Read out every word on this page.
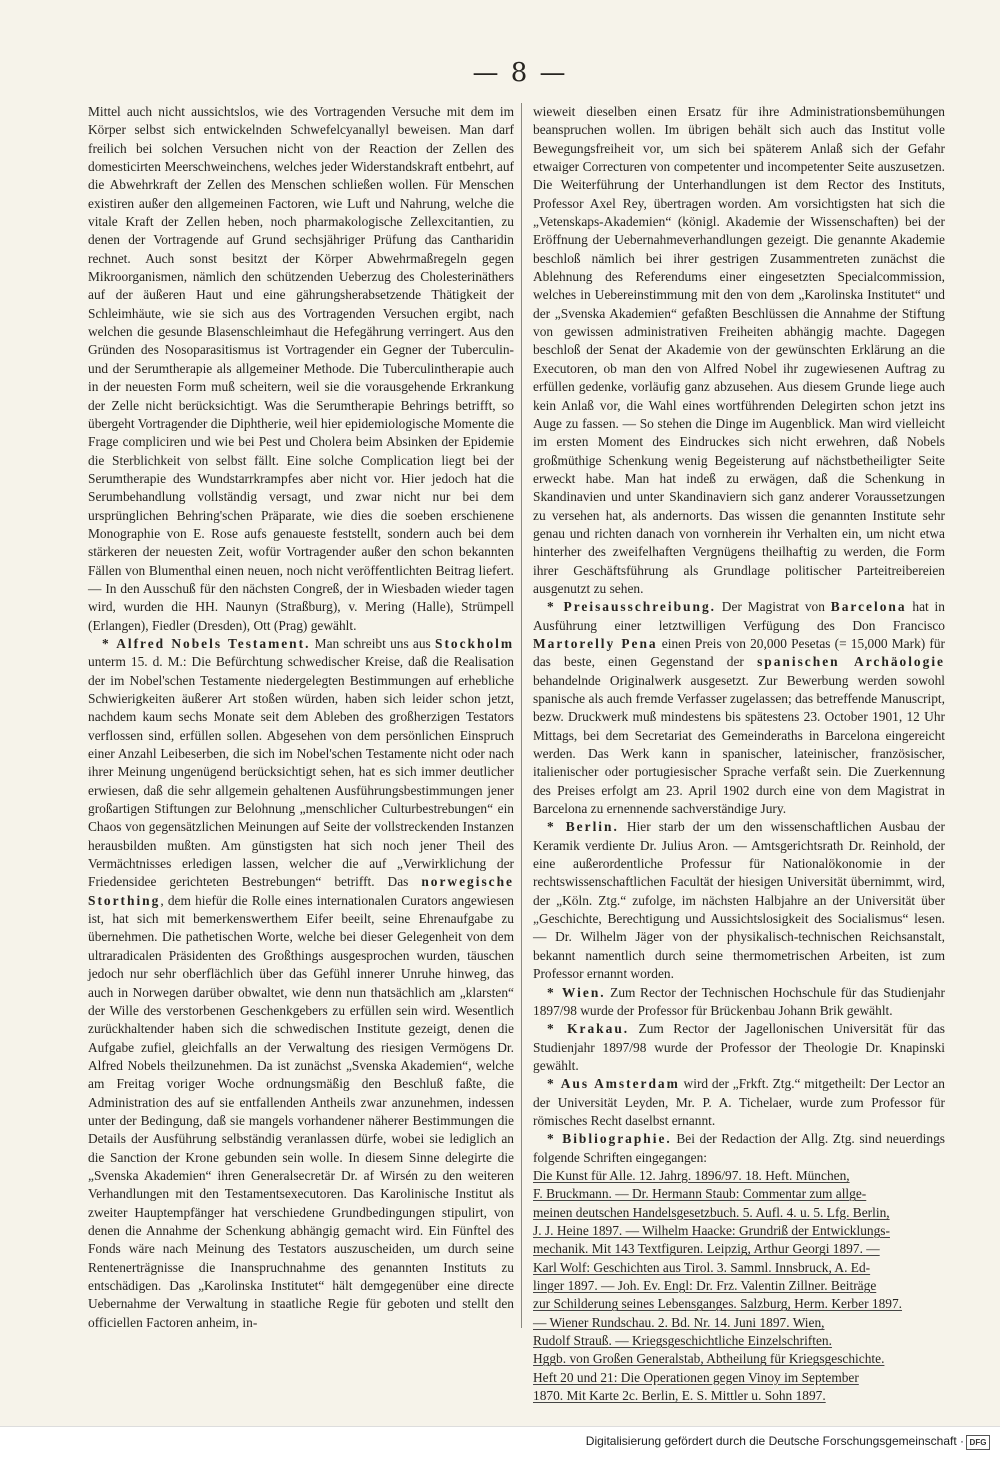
— 8 —

Mittel auch nicht aussichtslos, wie des Vortragenden Versuche mit dem im Körper selbst sich entwickelnden Schwefelcyanallyl beweisen. Man darf freilich bei solchen Versuchen nicht von der Reaction der Zellen des domesticirten Meerschweinchens, welches jeder Widerstandskraft entbehrt, auf die Abwehrkraft der Zellen des Menschen schließen wollen. Für Menschen existiren außer den allgemeinen Factoren, wie Luft und Nahrung, welche die vitale Kraft der Zellen heben, noch pharmakologische Zellexcitantien, zu denen der Vortragende auf Grund sechsjähriger Prüfung das Cantharidin rechnet. Auch sonst besitzt der Körper Abwehrmaßregeln gegen Mikroorganismen, nämlich den schützenden Ueberzug des Cholesterinäthers auf der äußeren Haut und eine gährungsherabsetzende Thätigkeit der Schleimhäute, wie sie sich aus des Vortragenden Versuchen ergibt, nach welchen die gesunde Blasenschleimhaut die Hefegährung verringert. Aus den Gründen des Nosoparasitismus ist Vortragender ein Gegner der Tuberculin- und der Serumtherapie als allgemeiner Methode. Die Tuberculintherapie auch in der neuesten Form muß scheitern, weil sie die vorausgehende Erkrankung der Zelle nicht berücksichtigt. Was die Serumtherapie Behrings betrifft, so übergeht Vortragender die Diphtherie, weil hier epidemiologische Momente die Frage compliciren und wie bei Pest und Cholera beim Absinken der Epidemie die Sterblichkeit von selbst fällt. Eine solche Complication liegt bei der Serumtherapie des Wundstarrkrampfes aber nicht vor. Hier jedoch hat die Serumbehandlung vollständig versagt, und zwar nicht nur bei dem ursprünglichen Behring'schen Präparate, wie dies die soeben erschienene Monographie von E. Rose aufs genaueste feststellt, sondern auch bei dem stärkeren der neuesten Zeit, wofür Vortragender außer den schon bekannten Fällen von Blumenthal einen neuen, noch nicht veröffentlichten Beitrag liefert. — In den Ausschuß für den nächsten Congreß, der in Wiesbaden wieder tagen wird, wurden die HH. Naunyn (Straßburg), v. Mering (Halle), Strümpell (Erlangen), Fiedler (Dresden), Ott (Prag) gewählt.

* Alfred Nobels Testament. Man schreibt uns aus Stockholm unterm 15. d. M.: Die Befürchtung schwedischer Kreise, daß die Realisation der im Nobel'schen Testamente niedergelegten Bestimmungen auf erhebliche Schwierigkeiten äußerer Art stoßen würden, haben sich leider schon jetzt, nachdem kaum sechs Monate seit dem Ableben des großherzigen Testators verflossen sind, erfüllen sollen. Abgesehen von dem persönlichen Einspruch einer Anzahl Leibeserben, die sich im Nobel'schen Testamente nicht oder nach ihrer Meinung ungenügend berücksichtigt sehen, hat es sich immer deutlicher erwiesen, daß die sehr allgemein gehaltenen Ausführungsbestimmungen jener großartigen Stiftungen zur Belohnung „menschlicher Culturbestrebungen“ ein Chaos von gegensätzlichen Meinungen auf Seite der vollstreckenden Instanzen herausbilden mußten. Am günstigsten hat sich noch jener Theil des Vermächtnisses erledigen lassen, welcher die auf „Verwirklichung der Friedensidee gerichteten Bestrebungen“ betrifft. Das norwegische Storthing, dem hiefür die Rolle eines internationalen Curators angewiesen ist, hat sich mit bemerkenswerthem Eifer beeilt, seine Ehrenaufgabe zu übernehmen. Die pathetischen Worte, welche bei dieser Gelegenheit von dem ultraradicalen Präsidenten des Großthings ausgesprochen wurden, täuschen jedoch nur sehr oberflächlich über das Gefühl innerer Unruhe hinweg, das auch in Norwegen darüber obwaltet, wie denn nun thatsächlich am „klarsten“ der Wille des verstorbenen Geschenkgebers zu erfüllen sein wird. Wesentlich zurückhaltender haben sich die schwedischen Institute gezeigt, denen die Aufgabe zufiel, gleichfalls an der Verwaltung des riesigen Vermögens Dr. Alfred Nobels theilzunehmen. Da ist zunächst „Svenska Akademien“, welche am Freitag voriger Woche ordnungsmäßig den Beschluß faßte, die Administration des auf sie entfallenden Antheils zwar anzunehmen, indessen unter der Bedingung, daß sie mangels vorhandener näherer Bestimmungen die Details der Ausführung selbständig veranlassen dürfe, wobei sie lediglich an die Sanction der Krone gebunden sein wolle. In diesem Sinne delegirte die „Svenska Akademien“ ihren Generalsecretär Dr. af Wirsén zu den weiteren Verhandlungen mit den Testamentsexecutoren. Das Karolinische Institut als zweiter Hauptempfänger hat verschiedene Grundbedingungen stipulirt, von denen die Annahme der Schenkung abhängig gemacht wird. Ein Fünftel des Fonds wäre nach Meinung des Testators auszuscheiden, um durch seine Rentenerträgnisse die Inanspruchnahme des genannten Instituts zu entschädigen. Das „Karolinska Institutet“ hält demgegenüber eine directe Uebernahme der Verwaltung in staatliche Regie für geboten und stellt den officiellen Factoren anheim, in-

wieweit dieselben einen Ersatz für ihre Administrationsbemühungen beanspruchen wollen. Im übrigen behält sich auch das Institut volle Bewegungsfreiheit vor, um sich bei späterem Anlaß sich der Gefahr etwaiger Correcturen von competenter und incompetenter Seite auszusetzen. Die Weiterführung der Unterhandlungen ist dem Rector des Instituts, Professor Axel Rey, übertragen worden. Am vorsichtigsten hat sich die „Vetenskaps-Akademien“ (königl. Akademie der Wissenschaften) bei der Eröffnung der Uebernahmeverhandlungen gezeigt. Die genannte Akademie beschloß nämlich bei ihrer gestrigen Zusammentreten zunächst die Ablehnung des Referendums einer eingesetzten Specialcommission, welches in Uebereinstimmung mit den von dem „Karolinska Institutet“ und der „Svenska Akademien“ gefaßten Beschlüssen die Annahme der Stiftung von gewissen administrativen Freiheiten abhängig machte. Dagegen beschloß der Senat der Akademie von der gewünschten Erklärung an die Executoren, ob man den von Alfred Nobel ihr zugewiesenen Auftrag zu erfüllen gedenke, vorläufig ganz abzusehen. Aus diesem Grunde liege auch kein Anlaß vor, die Wahl eines wortführenden Delegirten schon jetzt ins Auge zu fassen. — So stehen die Dinge im Augenblick. Man wird vielleicht im ersten Moment des Eindruckes sich nicht erwehren, daß Nobels großmüthige Schenkung wenig Begeisterung auf nächstbetheiligter Seite erweckt habe. Man hat indeß zu erwägen, daß die Schenkung in Skandinavien und unter Skandinaviern sich ganz anderer Voraussetzungen zu versehen hat, als andernorts. Das wissen die genannten Institute sehr genau und richten danach von vornherein ihr Verhalten ein, um nicht etwa hinterher des zweifelhaften Vergnügens theilhaftig zu werden, die Form ihrer Geschäftsführung als Grundlage politischer Parteitreibereien ausgenutzt zu sehen.

* Preisausschreibung. Der Magistrat von Barcelona hat in Ausführung einer letztwilligen Verfügung des Don Francisco Martorelly Pena einen Preis von 20,000 Pesetas (= 15,000 Mark) für das beste, einen Gegenstand der spanischen Archäologie behandelnde Originalwerk ausgesetzt. Zur Bewerbung werden sowohl spanische als auch fremde Verfasser zugelassen; das betreffende Manuscript, bezw. Druckwerk muß mindestens bis spätestens 23. October 1901, 12 Uhr Mittags, bei dem Secretariat des Gemeinderaths in Barcelona eingereicht werden. Das Werk kann in spanischer, lateinischer, französischer, italienischer oder portugiesischer Sprache verfaßt sein. Die Zuerkennung des Preises erfolgt am 23. April 1902 durch eine von dem Magistrat in Barcelona zu ernennende sachverständige Jury.

* Berlin. Hier starb der um den wissenschaftlichen Ausbau der Keramik verdiente Dr. Julius Aron. — Amtsgerichtsrath Dr. Reinhold, der eine außerordentliche Professur für Nationalökonomie in der rechtswissenschaftlichen Facultät der hiesigen Universität übernimmt, wird, der „Köln. Ztg.“ zufolge, im nächsten Halbjahre an der Universität über „Geschichte, Berechtigung und Aussichtslosigkeit des Socialismus“ lesen. — Dr. Wilhelm Jäger von der physikalisch-technischen Reichsanstalt, bekannt namentlich durch seine thermometrischen Arbeiten, ist zum Professor ernannt worden.

* Wien. Zum Rector der Technischen Hochschule für das Studienjahr 1897/98 wurde der Professor für Brückenbau Johann Brik gewählt.

* Krakau. Zum Rector der Jagellonischen Universität für das Studienjahr 1897/98 wurde der Professor der Theologie Dr. Knapinski gewählt.

* Aus Amsterdam wird der „Frkft. Ztg.“ mitgetheilt: Der Lector an der Universität Leyden, Mr. P. A. Tichelaer, wurde zum Professor für römisches Recht daselbst ernannt.

* Bibliographie. Bei der Redaction der Allg. Ztg. sind neuerdings folgende Schriften eingegangen:

Die Kunst für Alle. 12. Jahrg. 1896/97. 18. Heft. München,
F. Bruckmann. — Dr. Hermann Staub: Commentar zum allge-
meinen deutschen Handelsgesetzbuch. 5. Aufl. 4. u. 5. Lfg. Berlin,
J. J. Heine 1897. — Wilhelm Haacke: Grundriß der Entwicklungs-
mechanik. Mit 143 Textfiguren. Leipzig, Arthur Georgi 1897. —
Karl Wolf: Geschichten aus Tirol. 3. Samml. Innsbruck, A. Ed-
linger 1897. — Joh. Ev. Engl: Dr. Frz. Valentin Zillner. Beiträge
zur Schilderung seines Lebensganges. Salzburg, Herm. Kerber 1897.
— Wiener Rundschau. 2. Bd. Nr. 14. Juni 1897. Wien,
Rudolf Strauß. — Kriegsgeschichtliche Einzelschriften.
Hggb. von Großen Generalstab, Abtheilung für Kriegsgeschichte.
Heft 20 und 21: Die Operationen gegen Vinoy im September
1870. Mit Karte 2c. Berlin, E. S. Mittler u. Sohn 1897.
Digitalisierung gefördert durch die Deutsche Forschungsgemeinschaft · DFG
